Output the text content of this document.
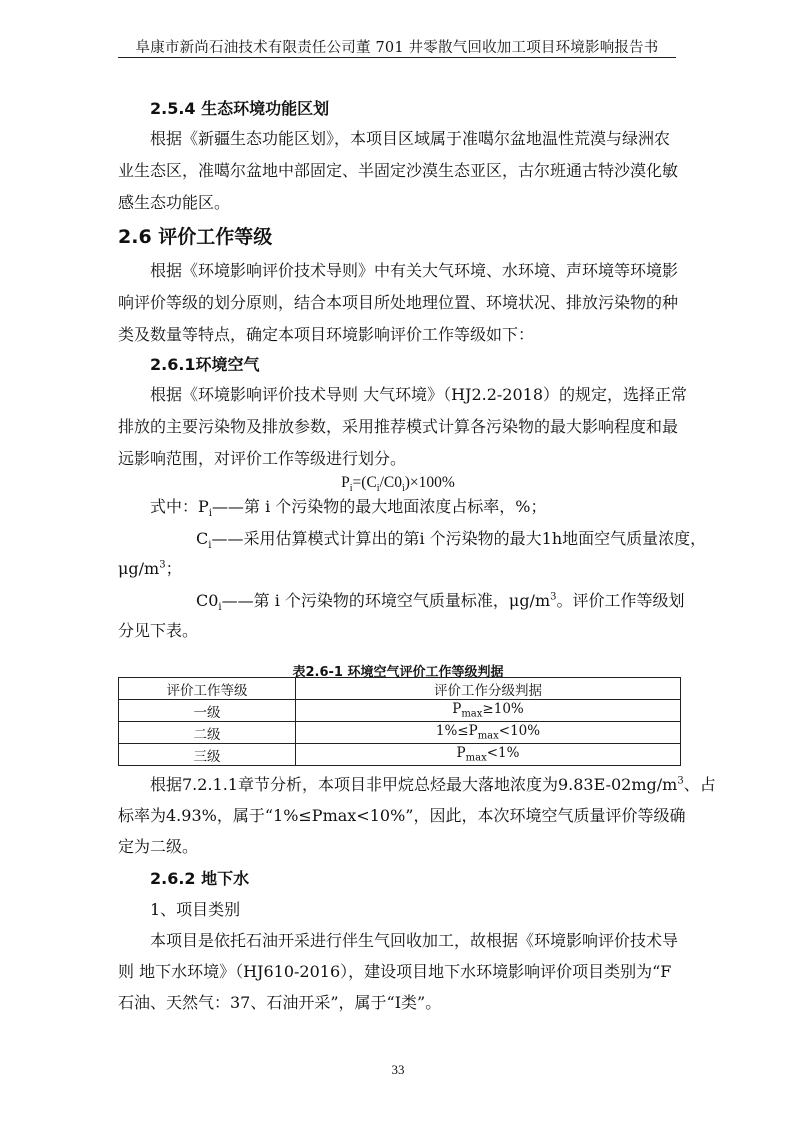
阜康市新尚石油技术有限责任公司董 701 井零散气回收加工项目环境影响报告书
2.5.4 生态环境功能区划
根据《新疆生态功能区划》，本项目区域属于准噶尔盆地温性荒漠与绿洲农
业生态区，准噶尔盆地中部固定、半固定沙漠生态亚区，古尔班通古特沙漠化敏
感生态功能区。
2.6 评价工作等级
根据《环境影响评价技术导则》中有关大气环境、水环境、声环境等环境影
响评价等级的划分原则，结合本项目所处地理位置、环境状况、排放污染物的种
类及数量等特点，确定本项目环境影响评价工作等级如下：
2.6.1环境空气
根据《环境影响评价技术导则 大气环境》（HJ2.2-2018）的规定，选择正常
排放的主要污染物及排放参数，采用推荐模式计算各污染物的最大影响程度和最
远影响范围，对评价工作等级进行划分。
$P_i=(C_i/C0_i)\times 100\%$
式中：$P_i——$第 i 个污染物的最大地面浓度占标率，%；
$C_i——$采用估算模式计算出的第i 个污染物的最大1h地面空气质量浓度，
$\mu g/m^3$；
$C0_i——$第 i 个污染物的环境空气质量标准，$\mu g/m^3$。评价工作等级划
分见下表。
表2.6-1 环境空气评价工作等级判据
评价工作等级	评价工作分级判据
一级	$P_{max}\ge 10\%$
二级	$1\%\le P_{max}<10\%$
三级	$P_{max}<1\%$
根据7.2.1.1章节分析，本项目非甲烷总烃最大落地浓度为$9.83E-02mg/m^3$、占
标率为4.93%，属于“1%≤Pmax<10%”，因此，本次环境空气质量评价等级确
定为二级。
2.6.2 地下水
1、项目类别
本项目是依托石油开采进行伴生气回收加工，故根据《环境影响评价技术导
则 地下水环境》（HJ610-2016），建设项目地下水环境影响评价项目类别为“F
石油、天然气：37、石油开采”，属于“Ⅰ类”。
33
